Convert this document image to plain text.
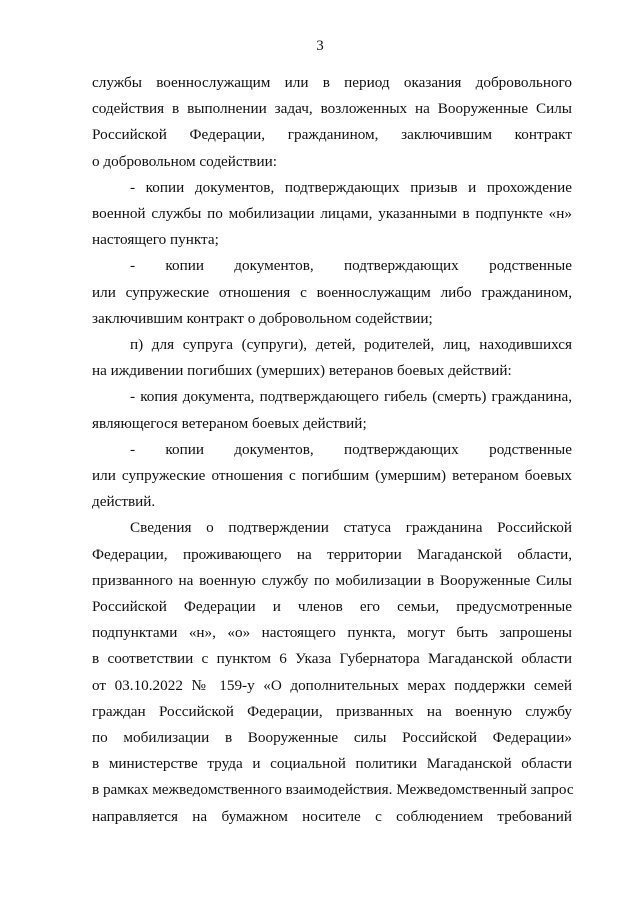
3

службы военнослужащим или в период оказания добровольного
содействия в выполнении задач, возложенных на Вооруженные Силы
Российской Федерации, гражданином, заключившим контракт
о добровольном содействии:

- копии документов, подтверждающих призыв и прохождение
военной службы по мобилизации лицами, указанными в подпункте «н»
настоящего пункта;

- копии документов, подтверждающих родственные
или супружеские отношения с военнослужащим либо гражданином,
заключившим контракт о добровольном содействии;

п) для супруга (супруги), детей, родителей, лиц, находившихся
на иждивении погибших (умерших) ветеранов боевых действий:

- копия документа, подтверждающего гибель (смерть) гражданина,
являющегося ветераном боевых действий;

- копии документов, подтверждающих родственные
или супружеские отношения с погибшим (умершим) ветераном боевых
действий.

Сведения о подтверждении статуса гражданина Российской
Федерации, проживающего на территории Магаданской области,
призванного на военную службу по мобилизации в Вооруженные Силы
Российской Федерации и членов его семьи, предусмотренные
подпунктами «н», «о» настоящего пункта, могут быть запрошены
в соответствии с пунктом 6 Указа Губернатора Магаданской области
от 03.10.2022 № 159-у «О дополнительных мерах поддержки семей
граждан Российской Федерации, призванных на военную службу
по мобилизации в Вооруженные силы Российской Федерации»
в министерстве труда и социальной политики Магаданской области
в рамках межведомственного взаимодействия. Межведомственный запрос
направляется на бумажном носителе с соблюдением требований
